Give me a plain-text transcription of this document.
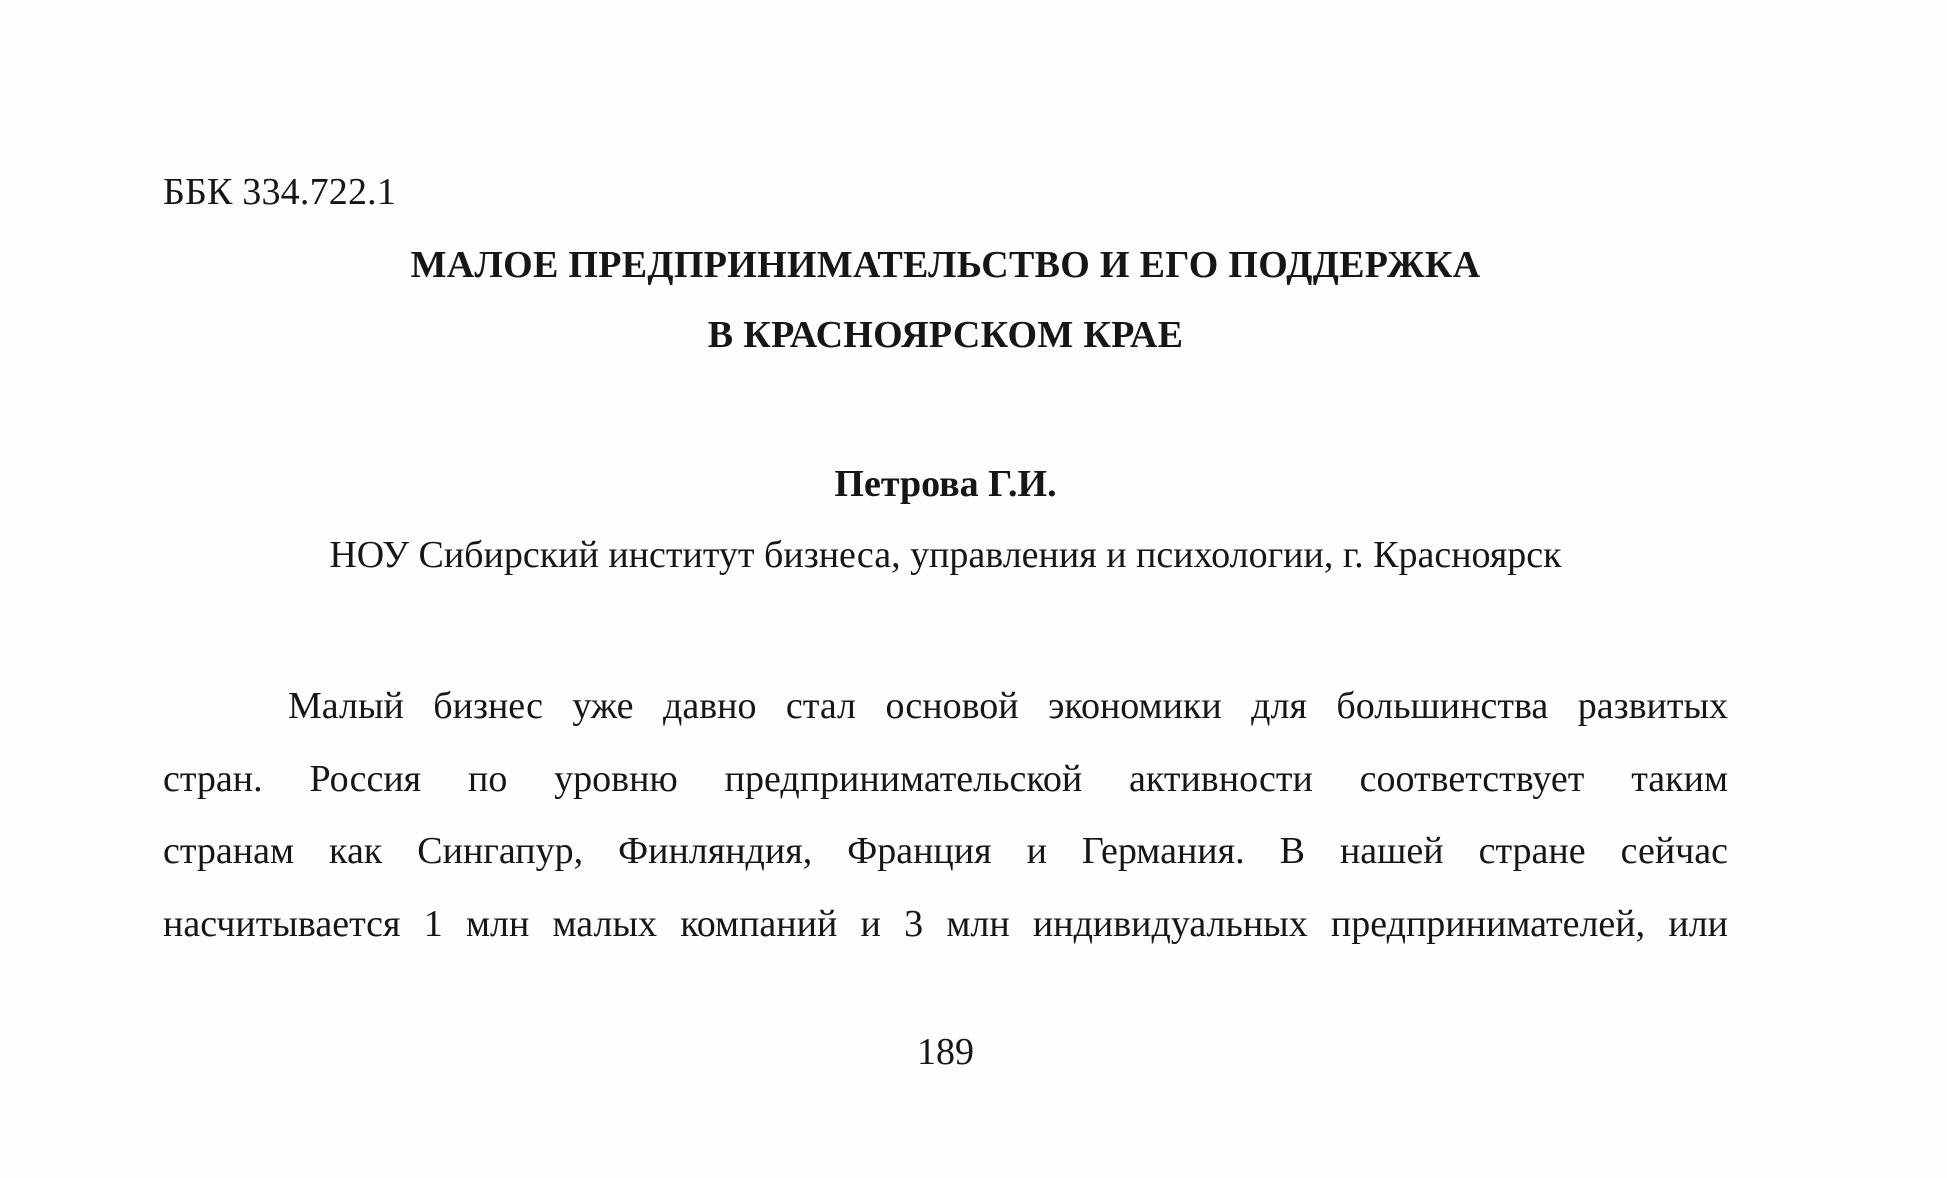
ББК 334.722.1
МАЛОЕ ПРЕДПРИНИМАТЕЛЬСТВО И ЕГО ПОДДЕРЖКА
В КРАСНОЯРСКОМ КРАЕ
Петрова Г.И.
НОУ Сибирский институт бизнеса, управления и психологии, г. Красноярск
Малый бизнес уже давно стал основой экономики для большинства развитых
стран. Россия по уровню предпринимательской активности соответствует таким
странам как Сингапур, Финляндия, Франция и Германия. В нашей стране сейчас
насчитывается 1 млн малых компаний и 3 млн индивидуальных предпринимателей, или
189
